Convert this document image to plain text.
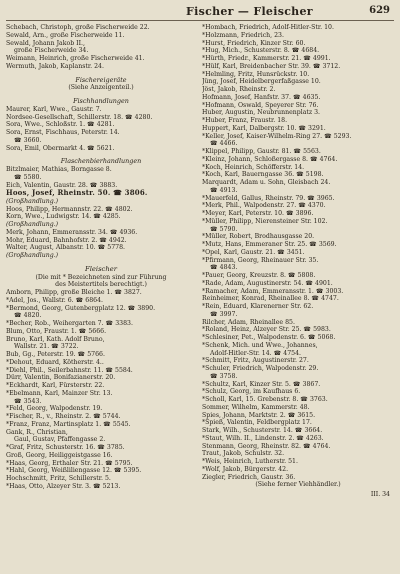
Fischer — Fleischer	629
Schebach, Christoph, große Fischerweide 22.
Sewald, Arn., große Fischerweide 11.
Sewald, Johann Jakob II.,
große Fischerweide 34.
Weimann, Heinrich, große Fischerweide 41.
Wermuth, Jakob, Kaplanstr. 24.
Fischereigeräte
(Siehe Anzeigenteil.)
Fischhandlungen
Maurer, Karl, Wwe., Gaustr. 7.
Nordsee-Gesellschaft, Schillerstr. 18. ☎ 4280.
Sora, Wwe., Schloßstr. 1. ☎ 4281.
Sora, Ernst, Fischhaus, Peterstr. 14.
☎ 3660.
Sora, Emil, Obermarkt 4. ☎ 5621.
Flaschenbierhandlungen
Bitzlmaier, Mathias, Borngasse 8.
☎ 5580.
Eich, Valentin, Gaustr. 28. ☎ 3883.
Hoos, Josef, Rheinstr. 50. ☎ 3806.
(Großhandlung.)
Hoos, Philipp, Hermannstr. 22. ☎ 4802.
Korn, Wwe., Ludwigstr. 14. ☎ 4285.
(Großhandlung.)
Merk, Johann, Emmeransstr. 34. ☎ 4936.
Mohr, Eduard, Bahnhofstr. 2. ☎ 4942.
Walter, August, Albanstr. 10. ☎ 5778.
(Großhandlung.)
Fleischer
(Die mit * Bezeichneten sind zur Führung
des Meistertitels berechtigt.)
Amborn, Philipp, große Bleiche 1. ☎ 3827.
*Adel, Jos., Wallstr. 6. ☎ 6864.
*Bermond, Georg, Gutenbergplatz 12. ☎ 3890.
☎ 4820.
*Becher, Rob., Weihergarten 7. ☎ 3383.
Blum, Otto, Fraustr. 1. ☎ 5666.
Bruno, Karl, Kath. Adolf Bruno,
Wallstr. 21. ☎ 3722.
Bub, Gg., Peterstr. 19. ☎ 5766.
*Dehout, Eduard, Kötherstr. 4..
*Diehl, Phil., Seilerbahnstr. 11. ☎ 5584.
Dürr, Valentin, Bonifazianerstr. 20.
*Eckhardt, Karl, Fürsterstr. 22.
*Ebelmann, Karl, Mainzer Str. 13.
☎ 3543.
*Feld, Georg, Walpodenstr. 19.
*Fischer, R., v., Rheinstr. 2. ☎ 5744.
*Franz, Franz, Martinsplatz 1. ☎ 5545.
Gank, R., Christian,
Gaul, Gustav, Pfaffengasse 2.
*Graf, Fritz, Schusterstr. 16. ☎ 3785.
Groß, Georg, Heiliggeistgasse 16.
*Haas, Georg, Erthaler Str. 21. ☎ 5795.
*Hahl, Georg, Weißliliengasse 12. ☎ 5395.
Hochschmitt, Fritz, Schillerstr. 5.
*Haas, Otto, Alzeyer Str. 3. ☎ 5213.
*Hombach, Friedrich, Adolf-Hitler-Str. 10.
*Holzmann, Friedrich, 23.
*Hurst, Friedrich, Kinzer Str. 60.
*Hug, Mich., Schusterstr. 8. ☎ 4684.
*Hürth, Friedr., Kammerstr. 21. ☎ 4991.
*Hülf, Karl, Breidenbacher Str. 39. ☎ 3712.
*Helmling, Fritz, Hunsrückstr. 10.
Jüng, Josef, Heidelbergerfaßgasse 10.
Jöst, Jakob, Rheinstr. 2.
Hofmann, Josef, Hanfstr. 37. ☎ 4635.
*Hofmann, Oswald, Speyerer Str. 76.
Huber, Augustin, Neubrunnenplatz 3.
*Huber, Franz, Fraustr. 18.
Huppert, Karl, Dalbergstr. 10. ☎ 3291.
*Keller, Josef, Kaiser-Wilhelm-Ring 27. ☎ 5293.
☎ 4466.
*Klippel, Philipp, Gaustr. 81. ☎ 5563.
*Kleinz, Johann, Schloßergasse 8. ☎ 4764.
*Koch, Heinrich, Schöfferstr. 14.
*Koch, Karl, Bauerngasse 36. ☎ 5198.
Marquardt, Adam u. Sohn, Gleisbach 24.
☎ 4913.
*Mauerfeld, Gallus, Rheinstr. 79. ☎ 3965.
*Merk, Phil., Walpodenstr. 27. ☎ 4370.
*Meyer, Karl, Peterstr. 10. ☎ 3896.
*Müller, Philipp, Nierensteiner Str. 102.
☎ 5790.
*Müller, Robert, Brodhausgasse 20.
*Mutz, Hans, Emmeraner Str. 25. ☎ 3569.
*Opel, Karl, Gaustr. 21. ☎ 3451.
*Pfirmann, Georg, Rheinauer Str. 35.
☎ 4843.
*Pauer, Georg, Kreuzstr. 8. ☎ 5808.
*Rade, Adam, Augustinerstr. 54. ☎ 4901.
*Ramacher, Adam, Emmeransstr. 1. ☎ 3003.
Reinheimer, Konrad, Rheinallee 8. ☎ 4747.
*Rein, Eduard, Klarenerner Str. 62.
☎ 3997.
Rilcher, Adam, Rheinallee 85.
*Roland, Heinz, Alzeyer Str. 25. ☎ 5983.
*Schlesiner, Pet., Walpodenstr. 6. ☎ 5068.
*Schenk, Mich. und Wwe., Johannes,
Adolf-Hitler-Str. 14. ☎ 4754.
*Schmitt, Fritz, Augustinerstr. 27.
*Schuler, Friedrich, Walpodenstr. 29.
☎ 3758.
*Schultz, Karl, Kinzer Str. 5. ☎ 3867.
*Schulz, Georg, im Kaufhaus 6.
*Scholl, Karl, 15. Grebenstr. 8. ☎ 3763.
Sommer, Wilhelm, Kammerstr. 48.
Spies, Johann, Marktstr. 2. ☎ 3615.
*Spieß, Valentin, Feldbergplatz 17.
Stark, Wilh., Schusterstr. 14. ☎ 3664.
*Staut, Wilh. II., Lindenstr. 2. ☎ 4263.
Stenmann, Georg, Rheinstr. 82. ☎ 4764.
Traut, Jakob, Schulstr. 32.
*Weis, Heinrich, Lutherstr. 51.
*Wolf, Jakob, Bürgerstr. 42.
Ziegler, Friedrich, Gaustr. 36.
(Siehe ferner Viehhändler.)
III. 34
